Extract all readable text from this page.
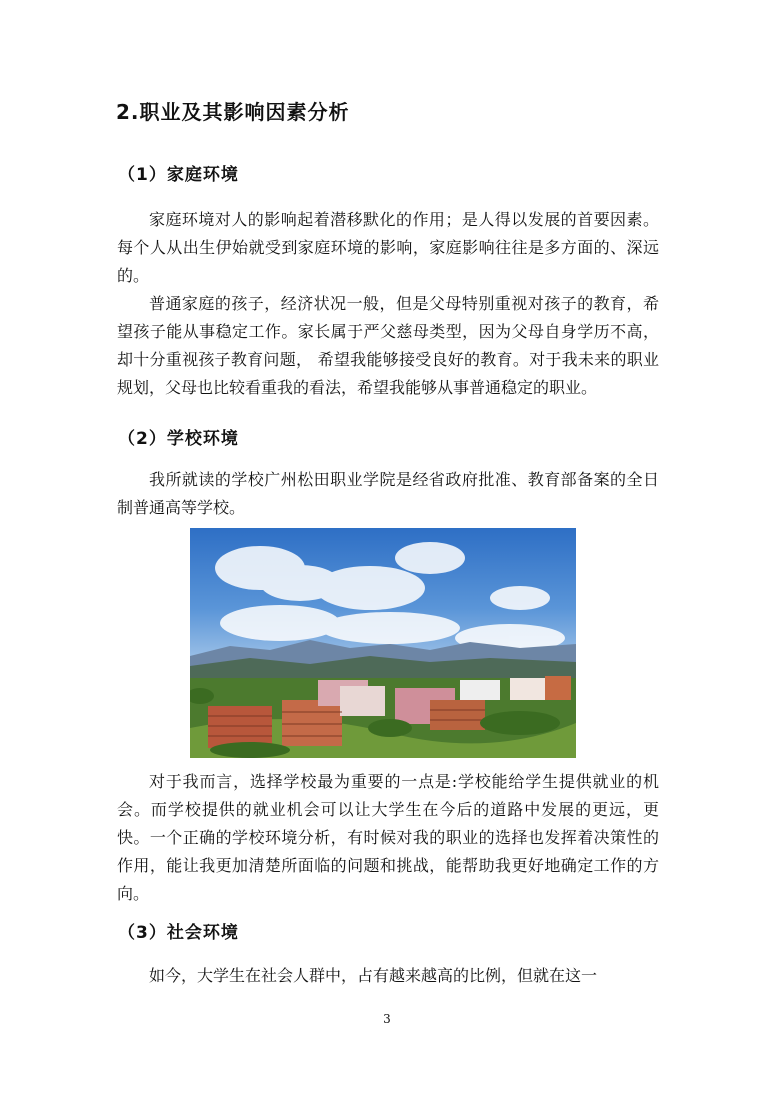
2.职业及其影响因素分析
（1）家庭环境

家庭环境对人的影响起着潜移默化的作用；是人得以发展的首要因素。每个人从出生伊始就受到家庭环境的影响，家庭影响往往是多方面的、深远的。

普通家庭的孩子，经济状况一般，但是父母特别重视对孩子的教育，希望孩子能从事稳定工作。家长属于严父慈母类型，因为父母自身学历不高，却十分重视孩子教育问题， 希望我能够接受良好的教育。对于我未来的职业规划，父母也比较看重我的看法，希望我能够从事普通稳定的职业。

（2）学校环境

我所就读的学校广州松田职业学院是经省政府批准、教育部备案的全日制普通高等学校。

对于我而言，选择学校最为重要的一点是:学校能给学生提供就业的机会。而学校提供的就业机会可以让大学生在今后的道路中发展的更远，更快。一个正确的学校环境分析，有时候对我的职业的选择也发挥着决策性的作用，能让我更加清楚所面临的问题和挑战，能帮助我更好地确定工作的方向。

（3）社会环境

如今，大学生在社会人群中，占有越来越高的比例，但就在这一

3
